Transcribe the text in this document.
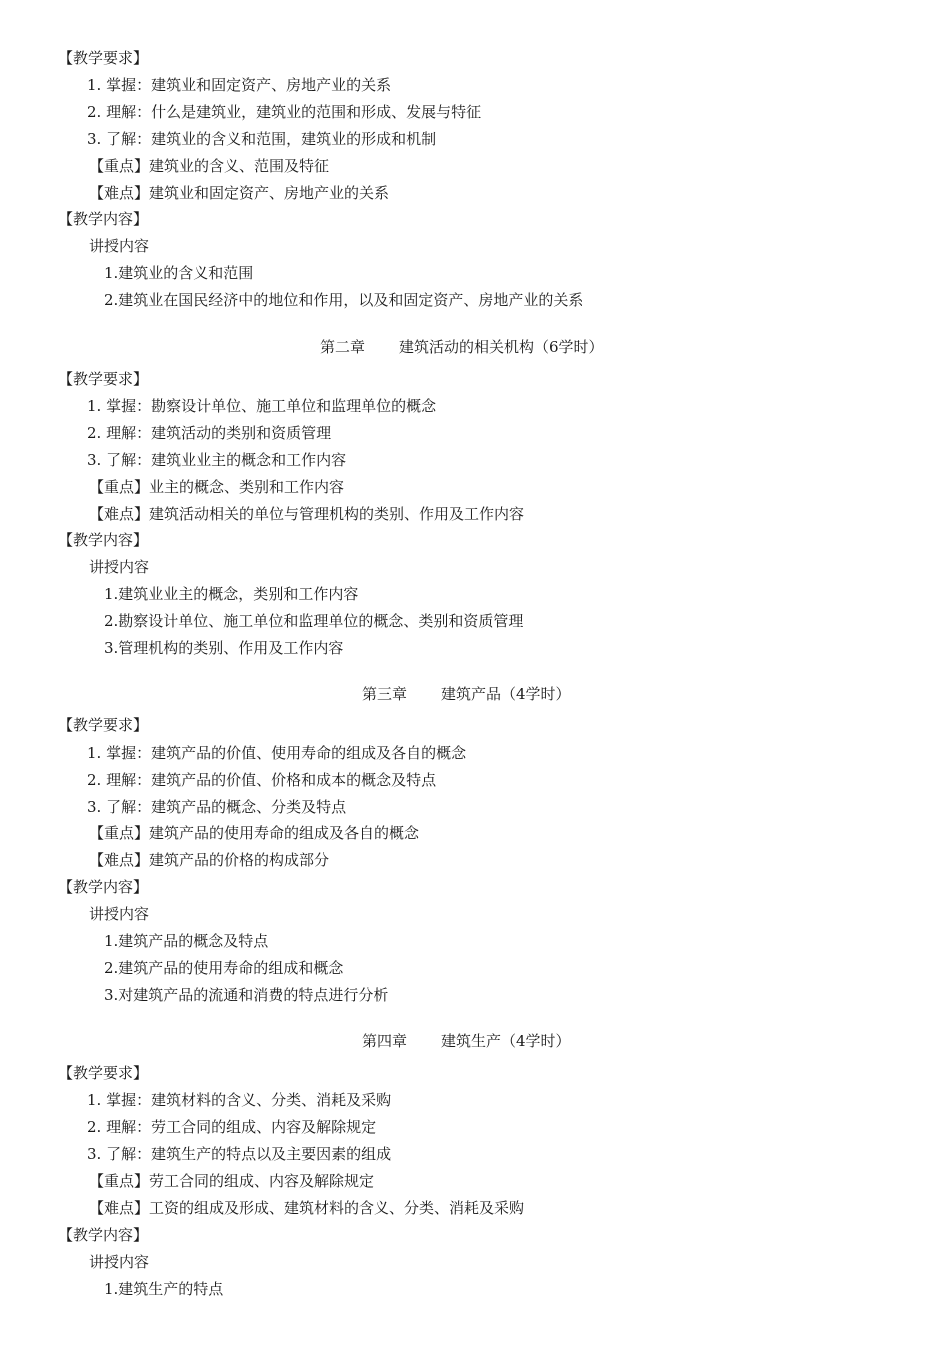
【教学要求】
1. 掌握：建筑业和固定资产、房地产业的关系
2. 理解：什么是建筑业，建筑业的范围和形成、发展与特征
3. 了解：建筑业的含义和范围，建筑业的形成和机制
【重点】建筑业的含义、范围及特征
【难点】建筑业和固定资产、房地产业的关系
【教学内容】
讲授内容
1.建筑业的含义和范围
2.建筑业在国民经济中的地位和作用，以及和固定资产、房地产业的关系
第二章 建筑活动的相关机构（6学时）
【教学要求】
1. 掌握：勘察设计单位、施工单位和监理单位的概念
2. 理解：建筑活动的类别和资质管理
3. 了解：建筑业业主的概念和工作内容
【重点】业主的概念、类别和工作内容
【难点】建筑活动相关的单位与管理机构的类别、作用及工作内容
【教学内容】
讲授内容
1.建筑业业主的概念，类别和工作内容
2.勘察设计单位、施工单位和监理单位的概念、类别和资质管理
3.管理机构的类别、作用及工作内容
第三章 建筑产品（4学时）
【教学要求】
1. 掌握：建筑产品的价值、使用寿命的组成及各自的概念
2. 理解：建筑产品的价值、价格和成本的概念及特点
3. 了解：建筑产品的概念、分类及特点
【重点】建筑产品的使用寿命的组成及各自的概念
【难点】建筑产品的价格的构成部分
【教学内容】
讲授内容
1.建筑产品的概念及特点
2.建筑产品的使用寿命的组成和概念
3.对建筑产品的流通和消费的特点进行分析
第四章 建筑生产（4学时）
【教学要求】
1. 掌握：建筑材料的含义、分类、消耗及采购
2. 理解：劳工合同的组成、内容及解除规定
3. 了解：建筑生产的特点以及主要因素的组成
【重点】劳工合同的组成、内容及解除规定
【难点】工资的组成及形成、建筑材料的含义、分类、消耗及采购
【教学内容】
讲授内容
1.建筑生产的特点
